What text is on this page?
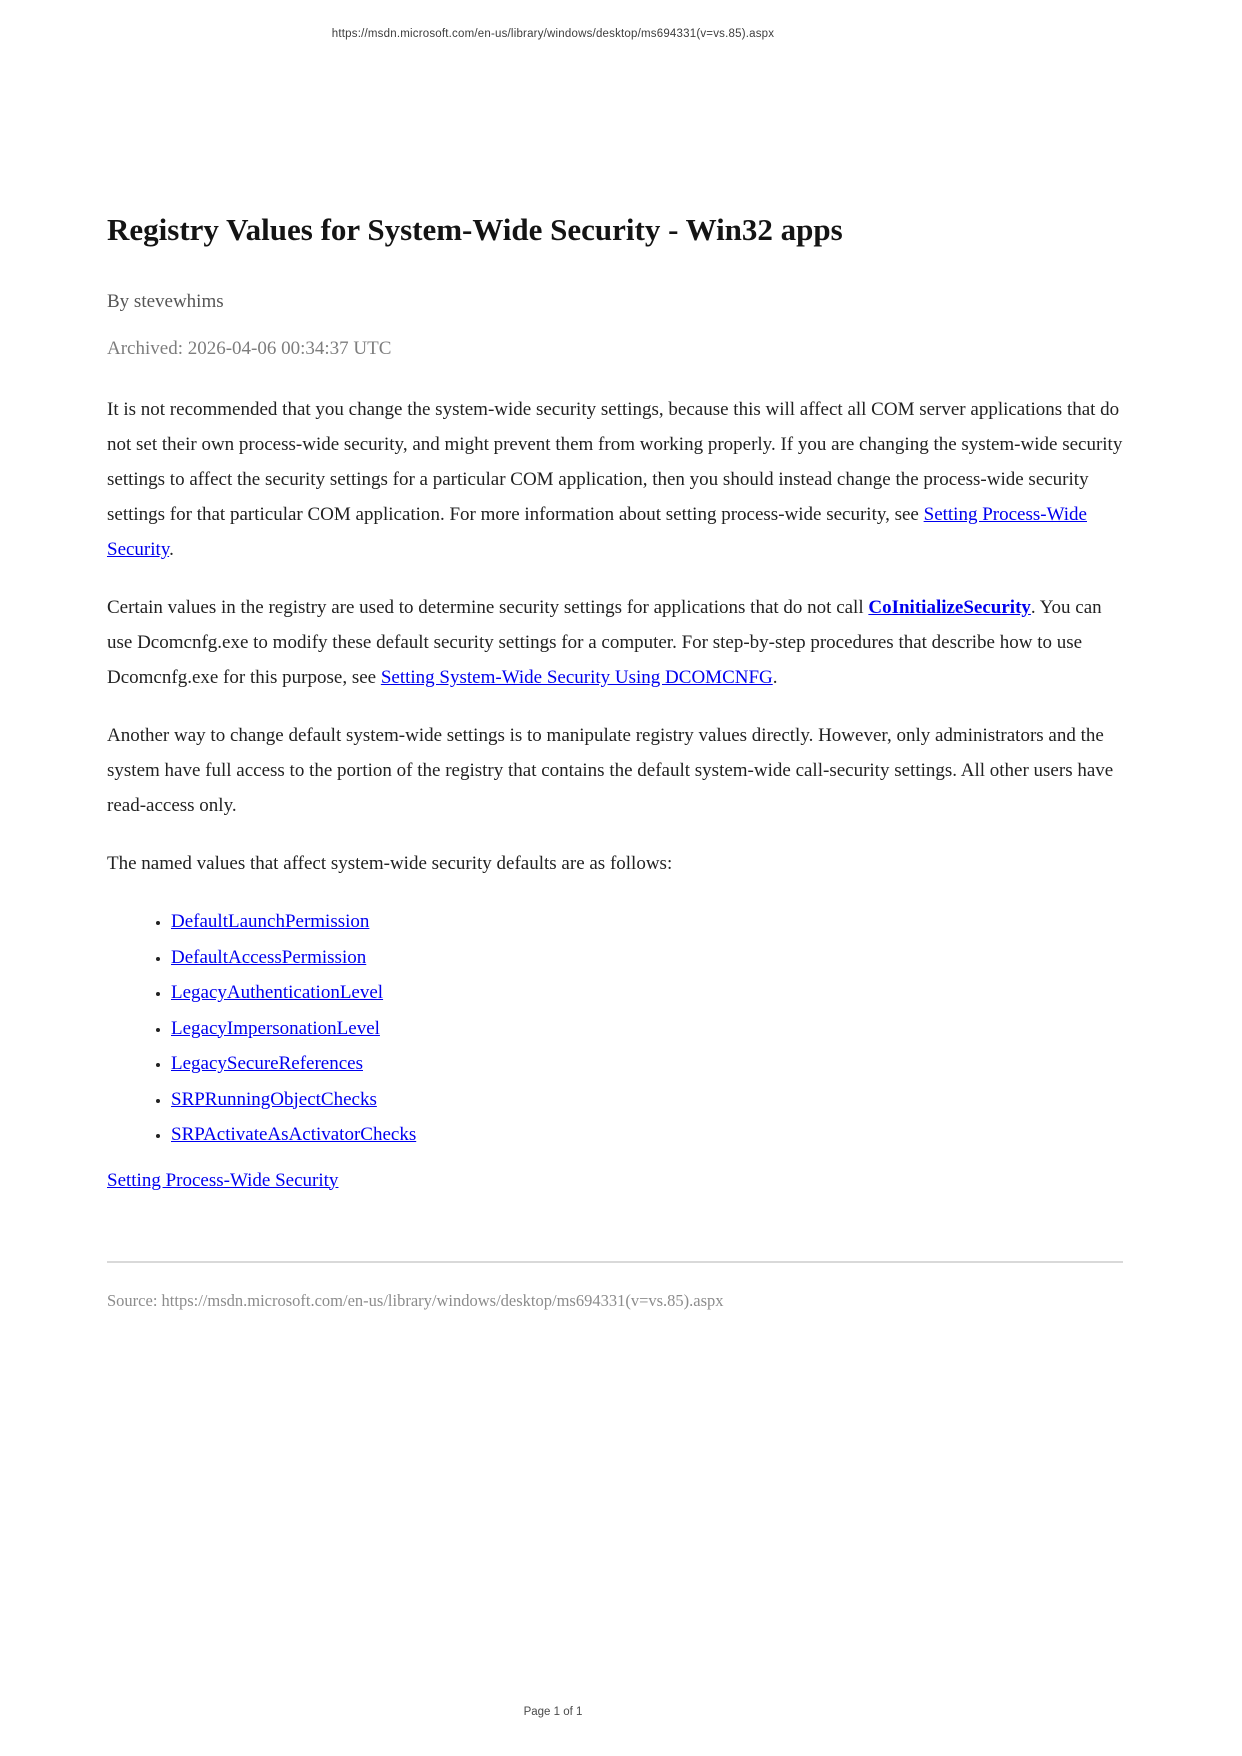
https://msdn.microsoft.com/en-us/library/windows/desktop/ms694331(v=vs.85).aspx
Registry Values for System-Wide Security - Win32 apps
By stevewhims
Archived: 2026-04-06 00:34:37 UTC

It is not recommended that you change the system-wide security settings, because this will affect all COM server applications that do not set their own process-wide security, and might prevent them from working properly. If you are changing the system-wide security settings to affect the security settings for a particular COM application, then you should instead change the process-wide security settings for that particular COM application. For more information about setting process-wide security, see Setting Process-Wide Security.

Certain values in the registry are used to determine security settings for applications that do not call CoInitializeSecurity. You can use Dcomcnfg.exe to modify these default security settings for a computer. For step-by-step procedures that describe how to use Dcomcnfg.exe for this purpose, see Setting System-Wide Security Using DCOMCNFG.

Another way to change default system-wide settings is to manipulate registry values directly. However, only administrators and the system have full access to the portion of the registry that contains the default system-wide call-security settings. All other users have read-access only.

The named values that affect system-wide security defaults are as follows:

• DefaultLaunchPermission
• DefaultAccessPermission
• LegacyAuthenticationLevel
• LegacyImpersonationLevel
• LegacySecureReferences
• SRPRunningObjectChecks
• SRPActivateAsActivatorChecks

Setting Process-Wide Security

Source: https://msdn.microsoft.com/en-us/library/windows/desktop/ms694331(v=vs.85).aspx
Page 1 of 1
